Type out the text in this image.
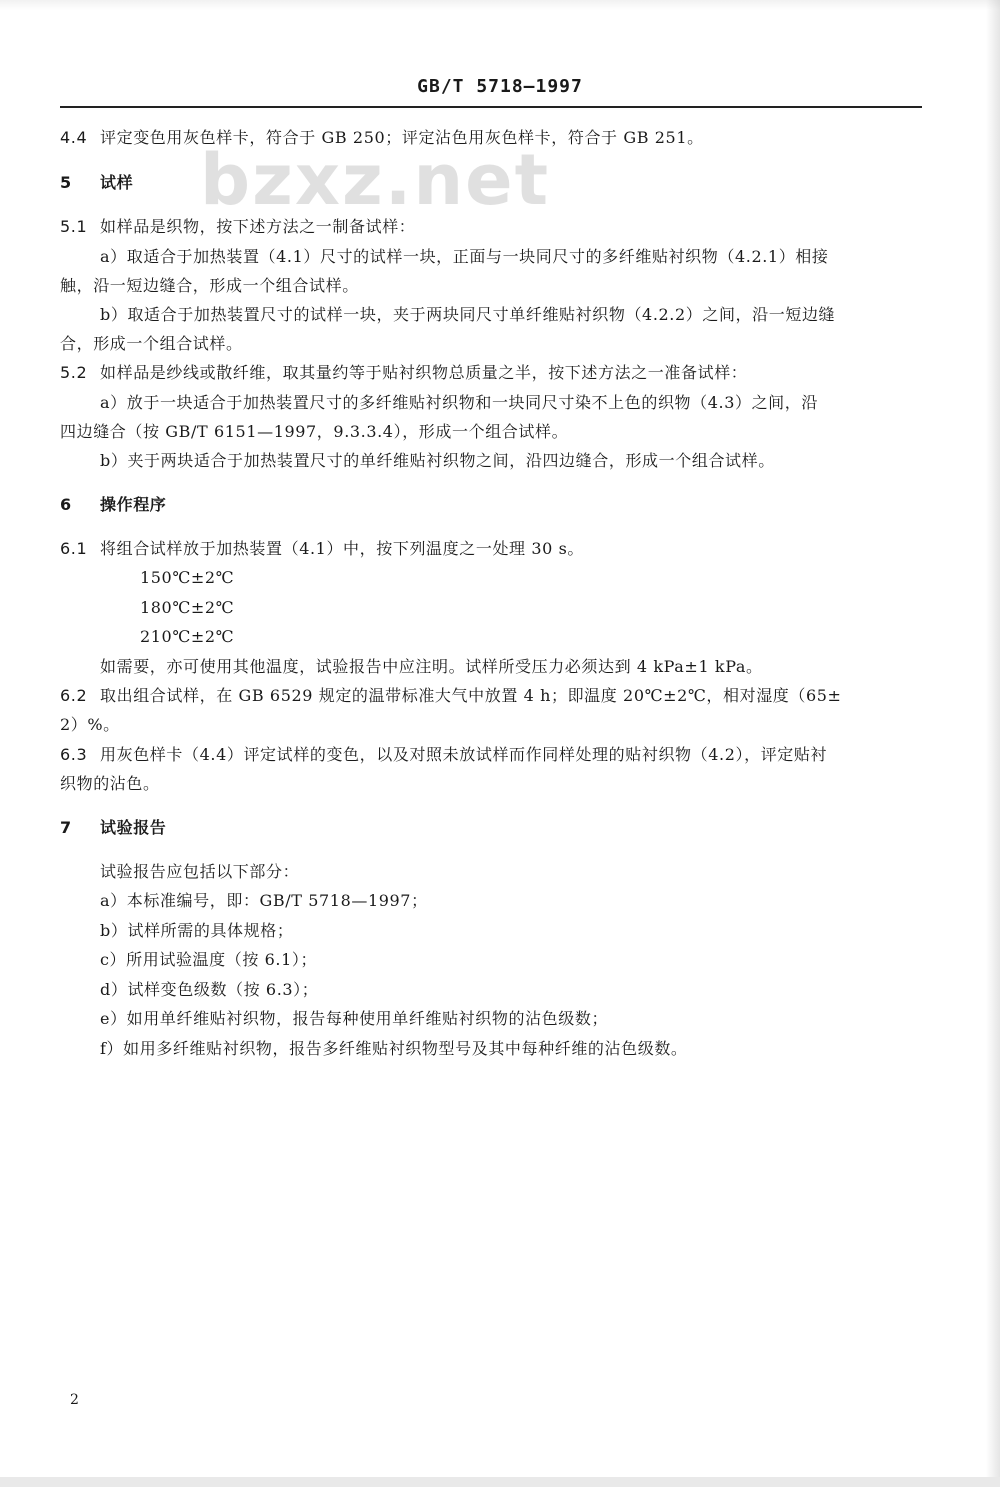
GB/T 5718—1997
bzxz.net
4.4 评定变色用灰色样卡，符合于 GB 250；评定沾色用灰色样卡，符合于 GB 251。
5 试样
5.1 如样品是织物，按下述方法之一制备试样：
a）取适合于加热装置（4.1）尺寸的试样一块，正面与一块同尺寸的多纤维贴衬织物（4.2.1）相接
触，沿一短边缝合，形成一个组合试样。
b）取适合于加热装置尺寸的试样一块，夹于两块同尺寸单纤维贴衬织物（4.2.2）之间，沿一短边缝
合，形成一个组合试样。
5.2 如样品是纱线或散纤维，取其量约等于贴衬织物总质量之半，按下述方法之一准备试样：
a）放于一块适合于加热装置尺寸的多纤维贴衬织物和一块同尺寸染不上色的织物（4.3）之间，沿
四边缝合（按 GB/T 6151—1997，9.3.3.4），形成一个组合试样。
b）夹于两块适合于加热装置尺寸的单纤维贴衬织物之间，沿四边缝合，形成一个组合试样。
6 操作程序
6.1 将组合试样放于加热装置（4.1）中，按下列温度之一处理 30 s。
150℃±2℃
180℃±2℃
210℃±2℃
如需要，亦可使用其他温度，试验报告中应注明。试样所受压力必须达到 4 kPa±1 kPa。
6.2 取出组合试样，在 GB 6529 规定的温带标准大气中放置 4 h；即温度 20℃±2℃，相对湿度（65±
2）%。
6.3 用灰色样卡（4.4）评定试样的变色，以及对照未放试样而作同样处理的贴衬织物（4.2），评定贴衬
织物的沾色。
7 试验报告
试验报告应包括以下部分：
a）本标准编号，即：GB/T 5718—1997；
b）试样所需的具体规格；
c）所用试验温度（按 6.1）；
d）试样变色级数（按 6.3）；
e）如用单纤维贴衬织物，报告每种使用单纤维贴衬织物的沾色级数；
f）如用多纤维贴衬织物，报告多纤维贴衬织物型号及其中每种纤维的沾色级数。
2
